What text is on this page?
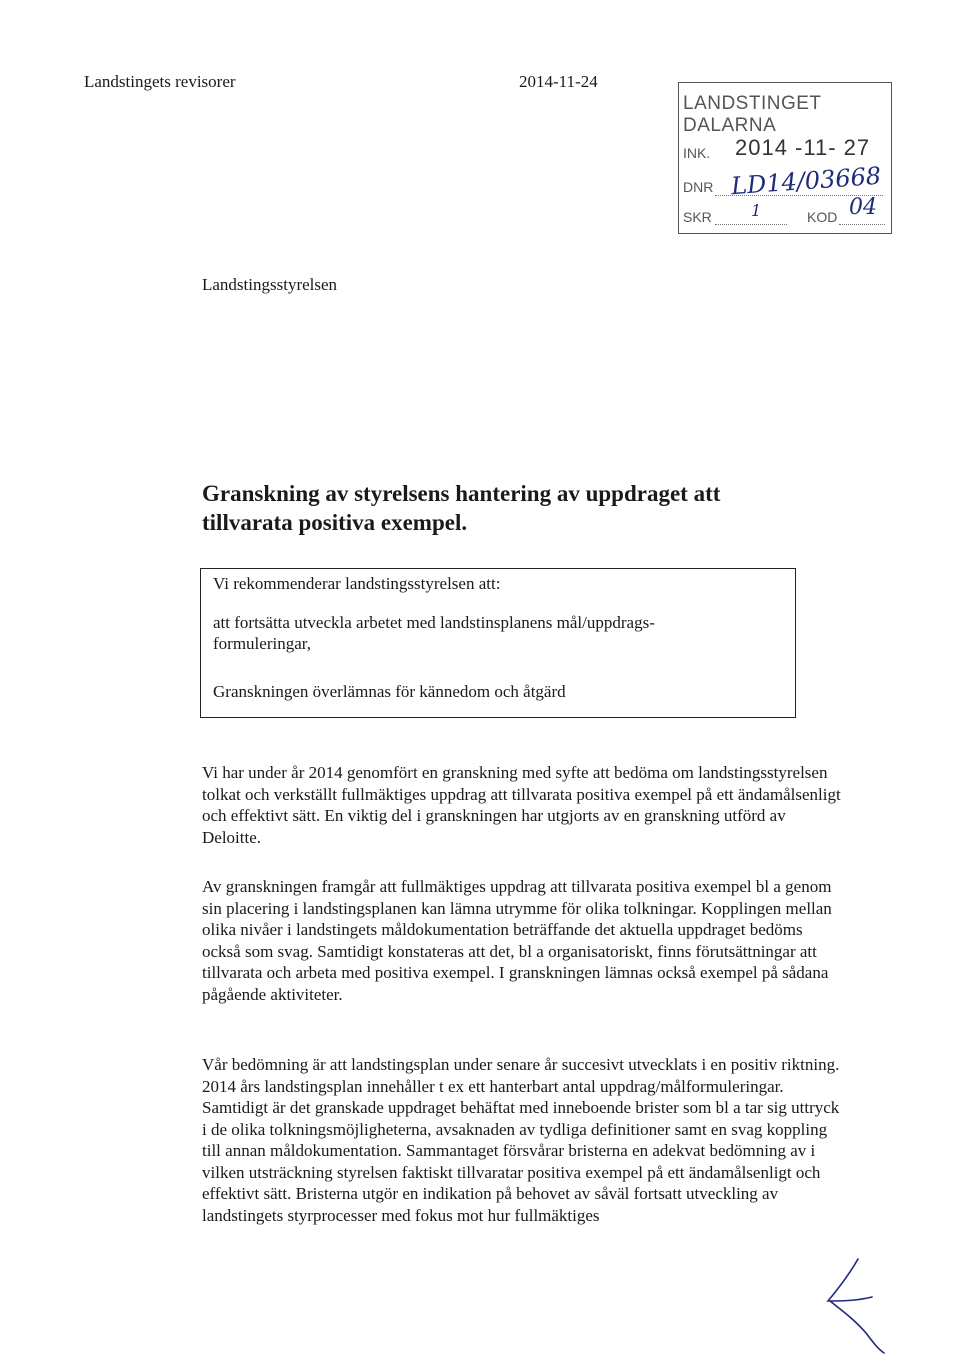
Landstingets revisorer	2014-11-24
LANDSTINGET DALARNA
INK. 2014 -11- 27
DNR LD14/03668
SKR 1	KOD 04
Landstingsstyrelsen
Granskning av styrelsens hantering av uppdraget att tillvarata positiva exempel.
Vi rekommenderar landstingsstyrelsen att:
att fortsätta utveckla arbetet med landstinsplanens mål/uppdrags-
formuleringar,
Granskningen överlämnas för kännedom och åtgärd

Vi har under år 2014 genomfört en granskning med syfte att bedöma om landstingsstyrelsen tolkat och verkställt fullmäktiges uppdrag att tillvarata positiva exempel på ett ändamålsenligt och effektivt sätt. En viktig del i granskningen har utgjorts av en granskning utförd av Deloitte.

Av granskningen framgår att fullmäktiges uppdrag att tillvarata positiva exempel bl a genom sin placering i landstingsplanen kan lämna utrymme för olika tolkningar. Kopplingen mellan olika nivåer i landstingets måldokumentation beträffande det aktuella uppdraget bedöms också som svag. Samtidigt konstateras att det, bl a organisatoriskt, finns förutsättningar att tillvarata och arbeta med positiva exempel. I granskningen lämnas också exempel på sådana pågående aktiviteter.

Vår bedömning är att landstingsplan under senare år succesivt utvecklats i en positiv riktning. 2014 års landstingsplan innehåller t ex ett hanterbart antal uppdrag/målformuleringar. Samtidigt är det granskade uppdraget behäftat med inneboende brister som bl a tar sig uttryck i de olika tolkningsmöjligheterna, avsaknaden av tydliga definitioner samt en svag koppling till annan måldokumentation. Sammantaget försvårar bristerna en adekvat bedömning av i vilken utsträckning styrelsen faktiskt tillvaratar positiva exempel på ett ändamålsenligt och effektivt sätt. Bristerna utgör en indikation på behovet av såväl fortsatt utveckling av landstingets styrprocesser med fokus mot hur fullmäktiges
